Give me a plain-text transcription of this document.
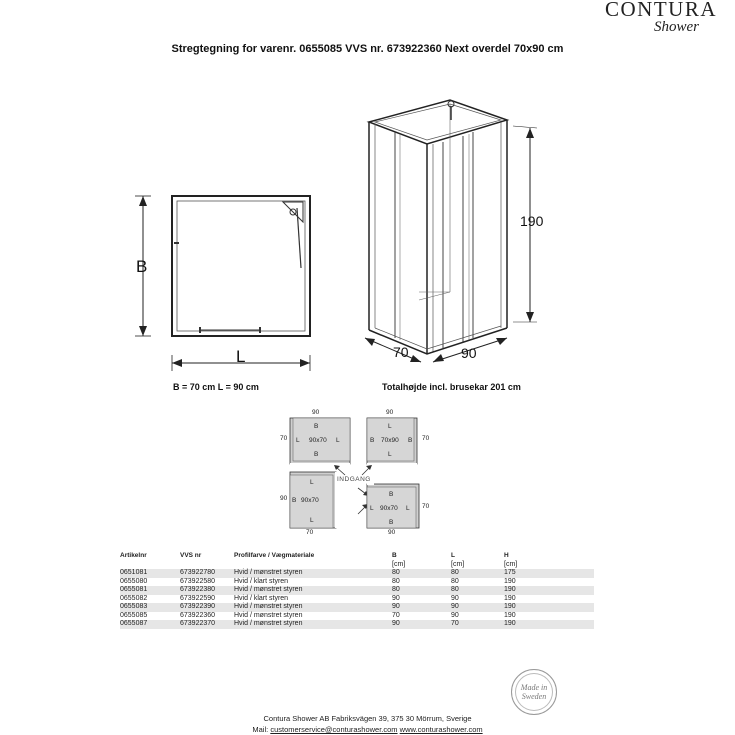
CONTURA
Shower
Stregtegning for varenr. 0655085 VVS nr. 673922360 Next overdel 70x90 cm
B
L
B = 70 cm L = 90 cm
190
70	90
Totalhøjde incl. brusekar 201 cm
90
70
B
L 90x70 L
B
90
70
L
B 70x90 B
L
INDGANG
90
70
L
B 90x70
L
70
90
B
L 90x70 L
B
Artikelnr	VVS nr	Profilfarve / Vægmateriale	B	L	H
			[cm]	[cm]	[cm]
0651081	673922780	Hvid / mønstret styren	80	80	175
0655080	673922580	Hvid / klart styren	80	80	190
0655081	673922380	Hvid / mønstret styren	80	80	190
0655082	673922590	Hvid / klart styren	90	90	190
0655083	673922390	Hvid / mønstret styren	90	90	190
0655085	673922360	Hvid / mønstret styren	70	90	190
0655087	673922370	Hvid / mønstret styren	90	70	190
Made in
Sweden
Contura Shower AB Fabriksvägen 39, 375 30 Mörrum, Sverige
Mail: customerservice@conturashower.com www.conturashower.com
